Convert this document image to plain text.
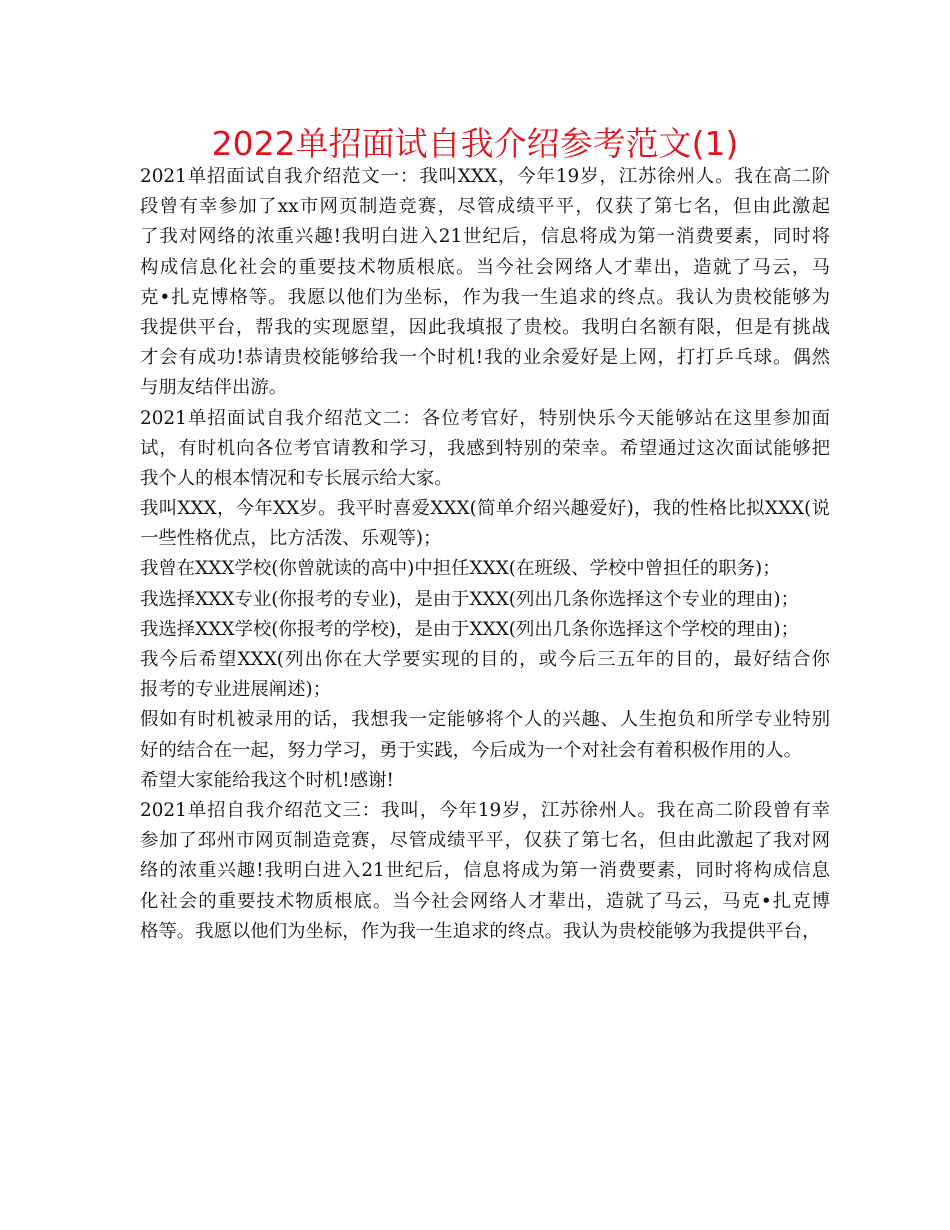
2022单招面试自我介绍参考范文(1)
2021单招面试自我介绍范文一：我叫XXX，今年19岁，江苏徐州人。我在高二阶
段曾有幸参加了xx市网页制造竞赛，尽管成绩平平，仅获了第七名，但由此激起
了我对网络的浓重兴趣!我明白进入21世纪后，信息将成为第一消费要素，同时将
构成信息化社会的重要技术物质根底。当今社会网络人才辈出，造就了马云，马
克•扎克博格等。我愿以他们为坐标，作为我一生追求的终点。我认为贵校能够为
我提供平台，帮我的实现愿望，因此我填报了贵校。我明白名额有限，但是有挑战
才会有成功!恭请贵校能够给我一个时机!我的业余爱好是上网，打打乒乓球。偶然
与朋友结伴出游。
2021单招面试自我介绍范文二：各位考官好，特别快乐今天能够站在这里参加面
试，有时机向各位考官请教和学习，我感到特别的荣幸。希望通过这次面试能够把
我个人的根本情况和专长展示给大家。
我叫XXX，今年XX岁。我平时喜爱XXX(简单介绍兴趣爱好)，我的性格比拟XXX(说
一些性格优点，比方活泼、乐观等)；
我曾在XXX学校(你曾就读的高中)中担任XXX(在班级、学校中曾担任的职务)；
我选择XXX专业(你报考的专业)，是由于XXX(列出几条你选择这个专业的理由)；
我选择XXX学校(你报考的学校)，是由于XXX(列出几条你选择这个学校的理由)；
我今后希望XXX(列出你在大学要实现的目的，或今后三五年的目的，最好结合你
报考的专业进展阐述)；
假如有时机被录用的话，我想我一定能够将个人的兴趣、人生抱负和所学专业特别
好的结合在一起，努力学习，勇于实践，今后成为一个对社会有着积极作用的人。
希望大家能给我这个时机!感谢!
2021单招自我介绍范文三：我叫，今年19岁，江苏徐州人。我在高二阶段曾有幸
参加了邳州市网页制造竞赛，尽管成绩平平，仅获了第七名，但由此激起了我对网
络的浓重兴趣!我明白进入21世纪后，信息将成为第一消费要素，同时将构成信息
化社会的重要技术物质根底。当今社会网络人才辈出，造就了马云，马克•扎克博
格等。我愿以他们为坐标，作为我一生追求的终点。我认为贵校能够为我提供平台，
